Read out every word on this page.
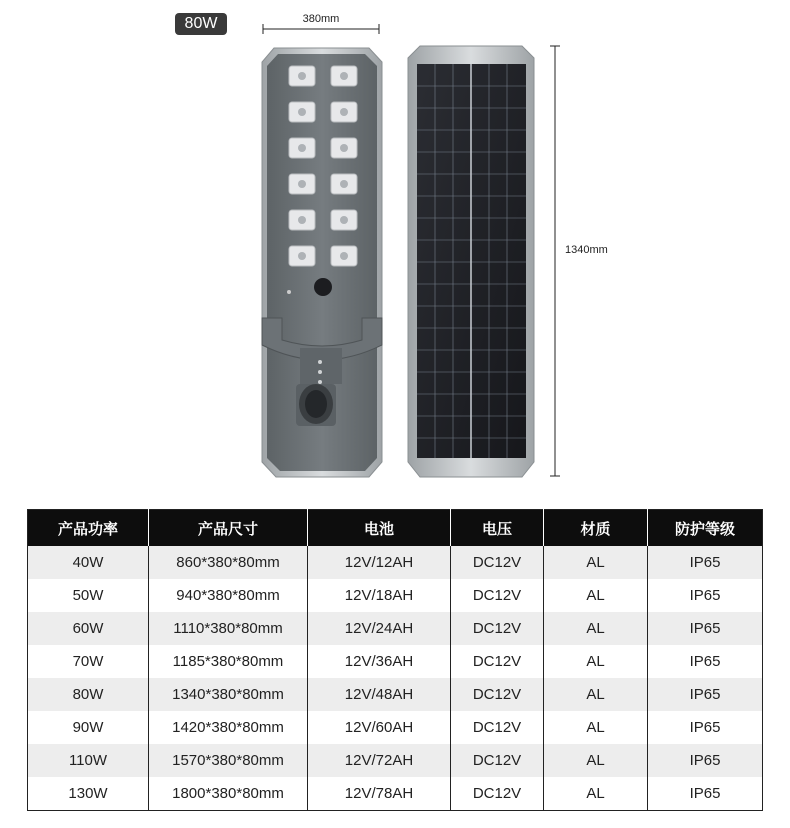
80W	380mm
1340mm
产品功率	产品尺寸	电池	电压	材质	防护等级
40W	860*380*80mm	12V/12AH	DC12V	AL	IP65
50W	940*380*80mm	12V/18AH	DC12V	AL	IP65
60W	1110*380*80mm	12V/24AH	DC12V	AL	IP65
70W	1185*380*80mm	12V/36AH	DC12V	AL	IP65
80W	1340*380*80mm	12V/48AH	DC12V	AL	IP65
90W	1420*380*80mm	12V/60AH	DC12V	AL	IP65
110W	1570*380*80mm	12V/72AH	DC12V	AL	IP65
130W	1800*380*80mm	12V/78AH	DC12V	AL	IP65
